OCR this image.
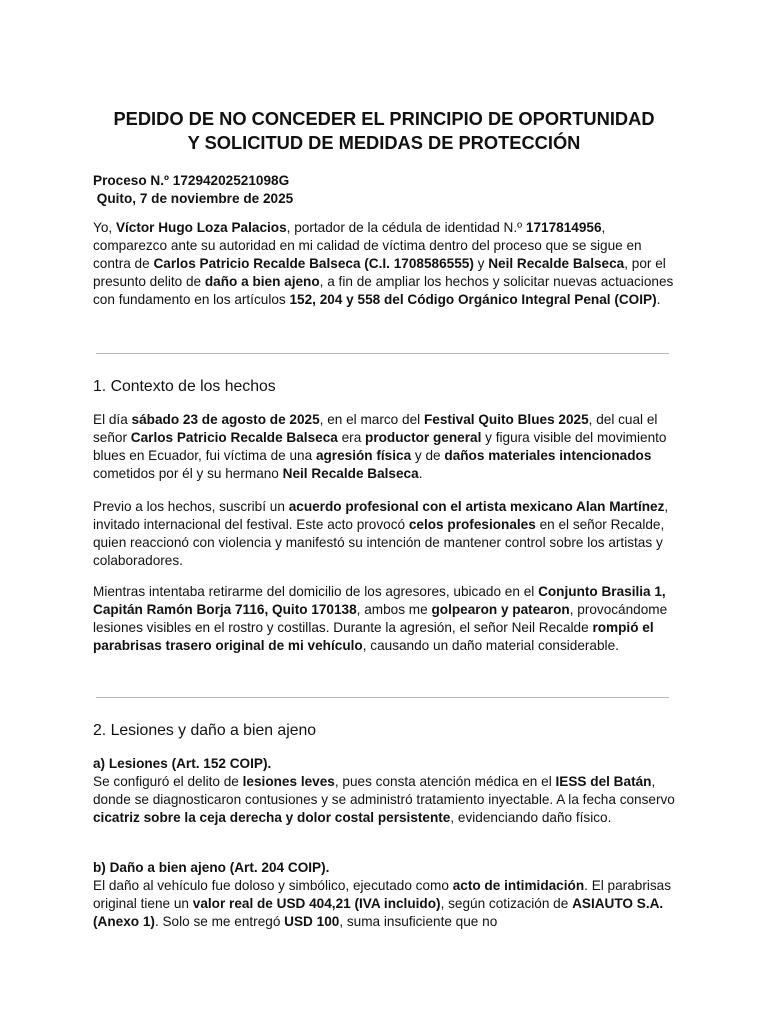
PEDIDO DE NO CONCEDER EL PRINCIPIO DE OPORTUNIDAD
Y SOLICITUD DE MEDIDAS DE PROTECCIÓN
Proceso N.º 17294202521098G
Quito, 7 de noviembre de 2025

Yo, Víctor Hugo Loza Palacios, portador de la cédula de identidad N.º 1717814956, comparezco ante su autoridad en mi calidad de víctima dentro del proceso que se sigue en contra de Carlos Patricio Recalde Balseca (C.I. 1708586555) y Neil Recalde Balseca, por el presunto delito de daño a bien ajeno, a fin de ampliar los hechos y solicitar nuevas actuaciones con fundamento en los artículos 152, 204 y 558 del Código Orgánico Integral Penal (COIP).

1. Contexto de los hechos

El día sábado 23 de agosto de 2025, en el marco del Festival Quito Blues 2025, del cual el señor Carlos Patricio Recalde Balseca era productor general y figura visible del movimiento blues en Ecuador, fui víctima de una agresión física y de daños materiales intencionados cometidos por él y su hermano Neil Recalde Balseca.

Previo a los hechos, suscribí un acuerdo profesional con el artista mexicano Alan Martínez, invitado internacional del festival. Este acto provocó celos profesionales en el señor Recalde, quien reaccionó con violencia y manifestó su intención de mantener control sobre los artistas y colaboradores.

Mientras intentaba retirarme del domicilio de los agresores, ubicado en el Conjunto Brasilia 1, Capitán Ramón Borja 7116, Quito 170138, ambos me golpearon y patearon, provocándome lesiones visibles en el rostro y costillas. Durante la agresión, el señor Neil Recalde rompió el parabrisas trasero original de mi vehículo, causando un daño material considerable.

2. Lesiones y daño a bien ajeno

a) Lesiones (Art. 152 COIP).
Se configuró el delito de lesiones leves, pues consta atención médica en el IESS del Batán, donde se diagnosticaron contusiones y se administró tratamiento inyectable. A la fecha conservo cicatriz sobre la ceja derecha y dolor costal persistente, evidenciando daño físico.

b) Daño a bien ajeno (Art. 204 COIP).
El daño al vehículo fue doloso y simbólico, ejecutado como acto de intimidación. El parabrisas original tiene un valor real de USD 404,21 (IVA incluido), según cotización de ASIAUTO S.A. (Anexo 1). Solo se me entregó USD 100, suma insuficiente que no
